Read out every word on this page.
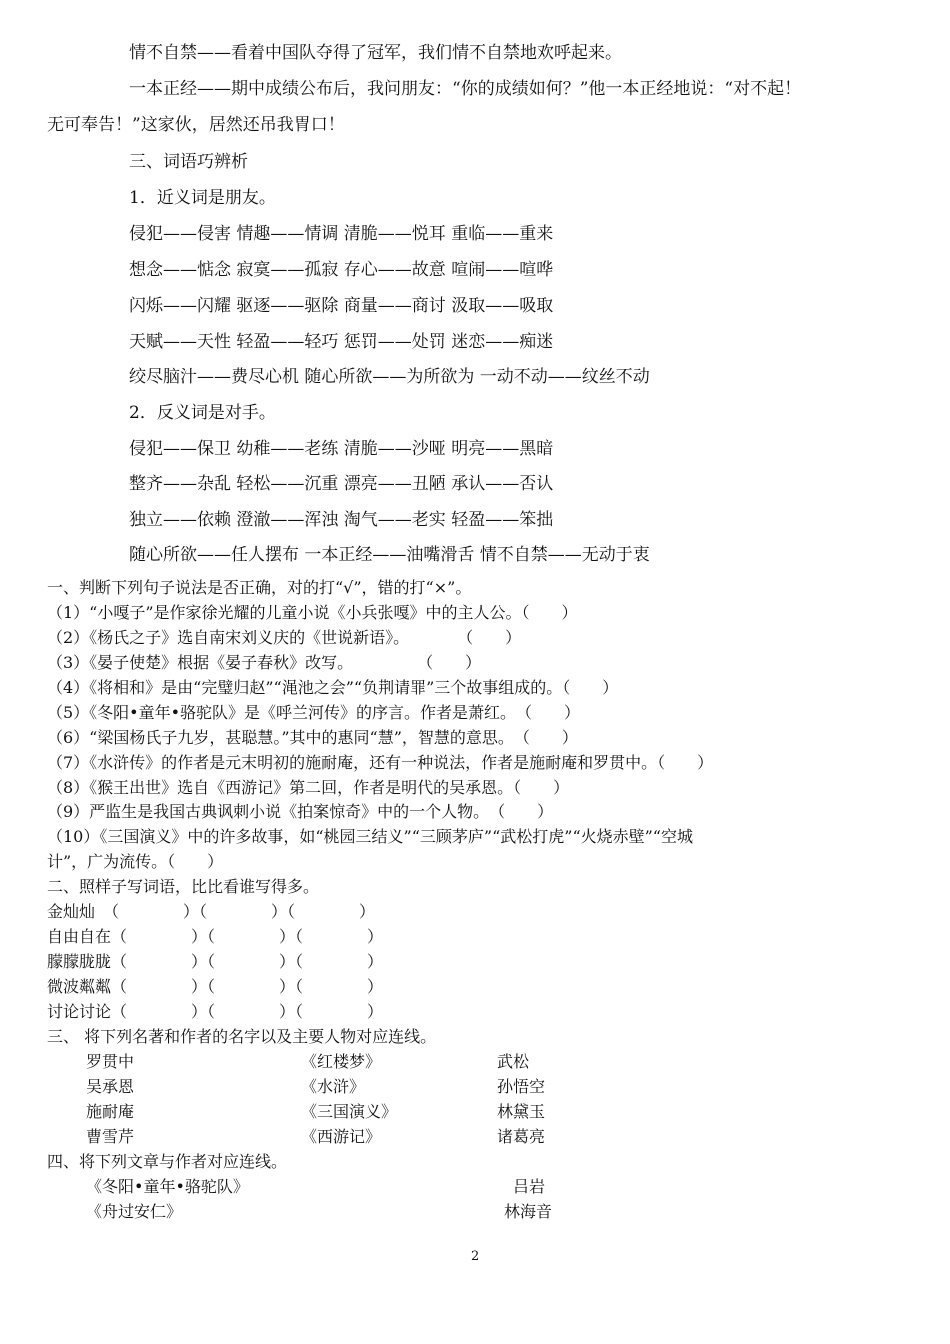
情不自禁——看着中国队夺得了冠军，我们情不自禁地欢呼起来。

一本正经——期中成绩公布后，我问朋友：“你的成绩如何？”他一本正经地说：“对不起！

无可奉告！”这家伙，居然还吊我胃口！

三、词语巧辨析

1．近义词是朋友。

侵犯——侵害 情趣——情调 清脆——悦耳 重临——重来

想念——惦念 寂寞——孤寂 存心——故意 喧闹——喧哗

闪烁——闪耀 驱逐——驱除 商量——商讨 汲取——吸取

天赋——天性 轻盈——轻巧 惩罚——处罚 迷恋——痴迷

绞尽脑汁——费尽心机 随心所欲——为所欲为 一动不动——纹丝不动

2．反义词是对手。

侵犯——保卫 幼稚——老练 清脆——沙哑 明亮——黑暗

整齐——杂乱 轻松——沉重 漂亮——丑陋 承认——否认

独立——依赖 澄澈——浑浊 淘气——老实 轻盈——笨拙

随心所欲——任人摆布 一本正经——油嘴滑舌 情不自禁——无动于衷

一、判断下列句子说法是否正确，对的打“√”，错的打“×”。

（1）“小嘎子”是作家徐光耀的儿童小说《小兵张嘎》中的主人公。（　　）

（2）《杨氏之子》选自南宋刘义庆的《世说新语》。　　　　（　　）

（3）《晏子使楚》根据《晏子春秋》改写。　　　　　（　　）

（4）《将相和》是由“完璧归赵”“渑池之会”“负荆请罪”三个故事组成的。（　　）

（5）《冬阳•童年•骆驼队》是《呼兰河传》的序言。作者是萧红。　（　　）

（6）“梁国杨氏子九岁，甚聪慧。”其中的惠同“慧”，智慧的意思。　（　　）

（7）《水浒传》的作者是元末明初的施耐庵，还有一种说法，作者是施耐庵和罗贯中。（　　）

（8）《猴王出世》选自《西游记》第二回，作者是明代的吴承恩。（　　）

（9）严监生是我国古典讽刺小说《拍案惊奇》中的一个人物。　（　　）

（10）《三国演义》中的许多故事，如“桃园三结义”“三顾茅庐”“武松打虎”“火烧赤壁”“空城

计”，广为流传。（　　）

二、照样子写词语，比比看谁写得多。

金灿灿　（　　　　）（　　　　）（　　　　）

自由自在（　　　　）（　　　　）（　　　　）

朦朦胧胧（　　　　）（　　　　）（　　　　）

微波粼粼（　　　　）（　　　　）（　　　　）

讨论讨论（　　　　）（　　　　）（　　　　）

三、 将下列名著和作者的名字以及主要人物对应连线。

罗贯中
吴承恩
施耐庵
曹雪芹
《红楼梦》
《水浒》
《三国演义》
《西游记》
武松
孙悟空
林黛玉
诸葛亮

四、将下列文章与作者对应连线。

《冬阳•童年•骆驼队》
《舟过安仁》
吕岩
林海音
2
